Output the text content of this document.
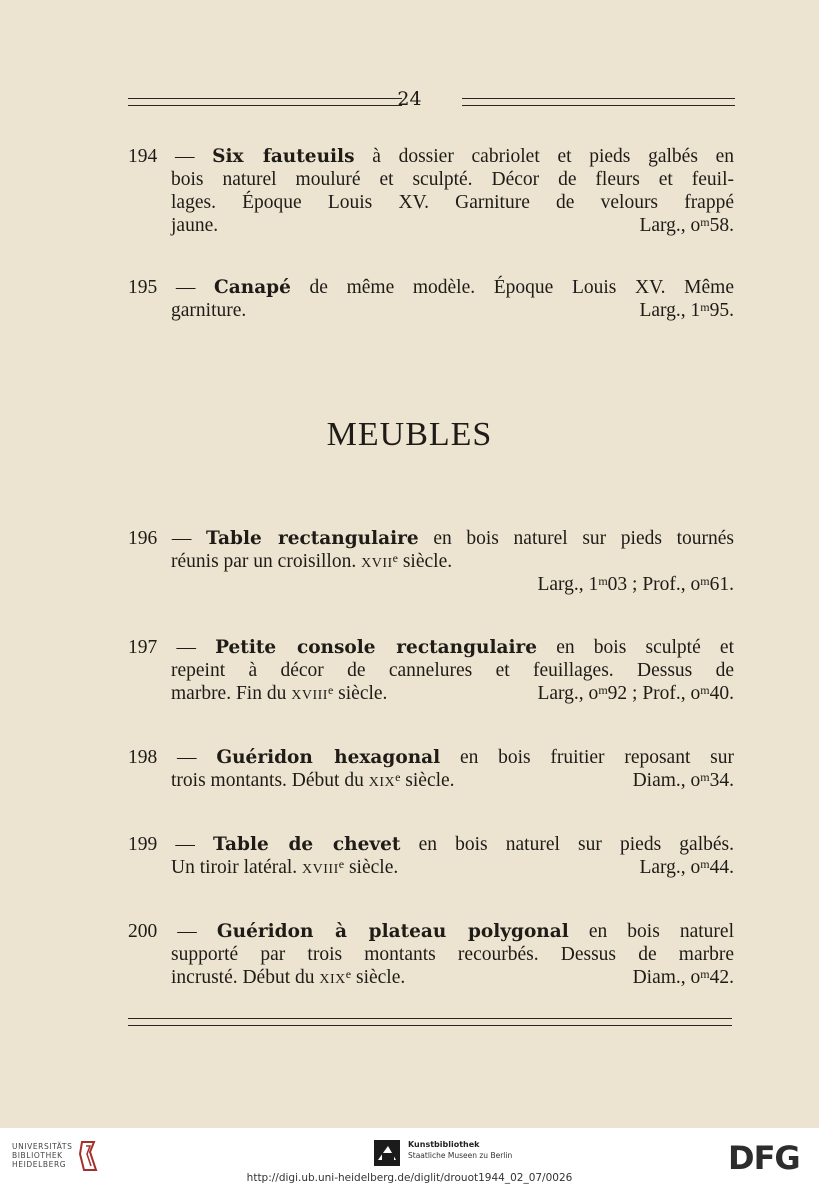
24
194 — Six fauteuils à dossier cabriolet et pieds galbés en
bois naturel mouluré et sculpté. Décor de fleurs et feuil-
lages. Époque Louis XV. Garniture de velours frappé
jaune.	Larg., $o^m58$.
195 — Canapé de même modèle. Époque Louis XV. Même
garniture.	Larg., 1$^m$95.
MEUBLES
196 — Table rectangulaire en bois naturel sur pieds tournés
réunis par un croisillon. xvii$^e$ siècle.
Larg., 1$^m$03 ; Prof., $o^m61$.
197 — Petite console rectangulaire en bois sculpté et
repeint à décor de cannelures et feuillages. Dessus de
marbre. Fin du xviii$^e$ siècle.	Larg., $o^m92$ ; Prof., $o^m40$.
198 — Guéridon hexagonal en bois fruitier reposant sur
trois montants. Début du xix$^e$ siècle.	Diam., $o^m34$.
199 — Table de chevet en bois naturel sur pieds galbés.
Un tiroir latéral. xviii$^e$ siècle.	Larg., $o^m44$.
200 — Guéridon à plateau polygonal en bois naturel
supporté par trois montants recourbés. Dessus de marbre
incrusté. Début du xix$^e$ siècle.	Diam., $o^m42$.
UNIVERSITÄTS
BIBLIOTHEK
HEIDELBERG
Kunstbibliothek
Staatliche Museen zu Berlin	DFG
http://digi.ub.uni-heidelberg.de/diglit/drouot1944_02_07/0026
